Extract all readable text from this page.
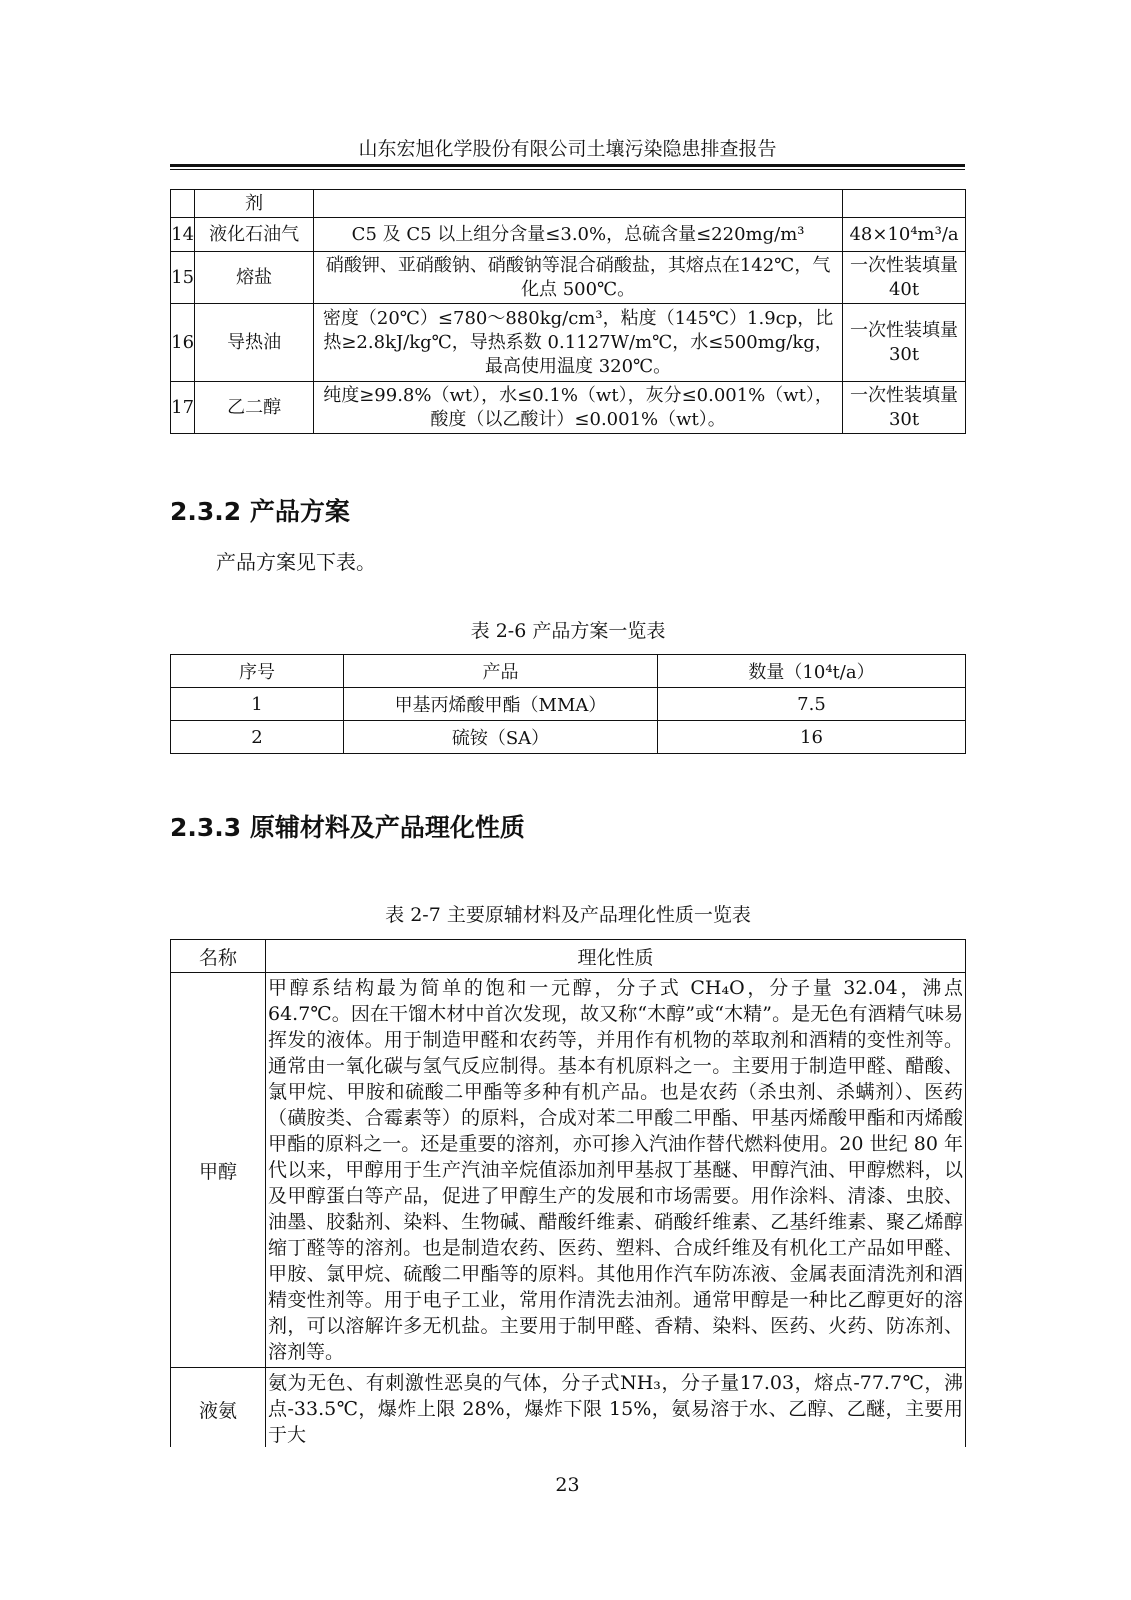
山东宏旭化学股份有限公司土壤污染隐患排查报告
	剂		
14	液化石油气	C5 及 C5 以上组分含量≤3.0%，总硫含量≤220mg/m³	48×10⁴m³/a
15	熔盐	硝酸钾、亚硝酸钠、硝酸钠等混合硝酸盐，其熔点在142℃，气化点 500℃。	一次性装填量 40t
16	导热油	密度（20℃）≤780～880kg/cm³，粘度（145℃）1.9cp，比热≥2.8kJ/kg℃，导热系数 0.1127W/m℃，水≤500mg/kg，最高使用温度 320℃。	一次性装填量 30t
17	乙二醇	纯度≥99.8%（wt），水≤0.1%（wt），灰分≤0.001%（wt），酸度（以乙酸计）≤0.001%（wt）。	一次性装填量 30t
2.3.2 产品方案
产品方案见下表。
表 2-6 产品方案一览表
序号	产品	数量（10⁴t/a）
1	甲基丙烯酸甲酯（MMA）	7.5
2	硫铵（SA）	16
2.3.3 原辅材料及产品理化性质
表 2-7 主要原辅材料及产品理化性质一览表
名称	理化性质
甲醇	甲醇系结构最为简单的饱和一元醇，分子式 CH₄O，分子量 32.04，沸点 64.7℃。因在干馏木材中首次发现，故又称“木醇”或“木精”。是无色有酒精气味易挥发的液体。用于制造甲醛和农药等，并用作有机物的萃取剂和酒精的变性剂等。通常由一氧化碳与氢气反应制得。基本有机原料之一。主要用于制造甲醛、醋酸、氯甲烷、甲胺和硫酸二甲酯等多种有机产品。也是农药（杀虫剂、杀螨剂）、医药（磺胺类、合霉素等）的原料，合成对苯二甲酸二甲酯、甲基丙烯酸甲酯和丙烯酸甲酯的原料之一。还是重要的溶剂，亦可掺入汽油作替代燃料使用。20 世纪 80 年代以来，甲醇用于生产汽油辛烷值添加剂甲基叔丁基醚、甲醇汽油、甲醇燃料，以及甲醇蛋白等产品，促进了甲醇生产的发展和市场需要。用作涂料、清漆、虫胶、油墨、胶黏剂、染料、生物碱、醋酸纤维素、硝酸纤维素、乙基纤维素、聚乙烯醇缩丁醛等的溶剂。也是制造农药、医药、塑料、合成纤维及有机化工产品如甲醛、甲胺、氯甲烷、硫酸二甲酯等的原料。其他用作汽车防冻液、金属表面清洗剂和酒精变性剂等。用于电子工业，常用作清洗去油剂。通常甲醇是一种比乙醇更好的溶剂，可以溶解许多无机盐。主要用于制甲醛、香精、染料、医药、火药、防冻剂、溶剂等。
液氨	氨为无色、有刺激性恶臭的气体，分子式NH₃，分子量17.03，熔点-77.7℃，沸点-33.5℃，爆炸上限 28%，爆炸下限 15%，氨易溶于水、乙醇、乙醚，主要用于大
23
